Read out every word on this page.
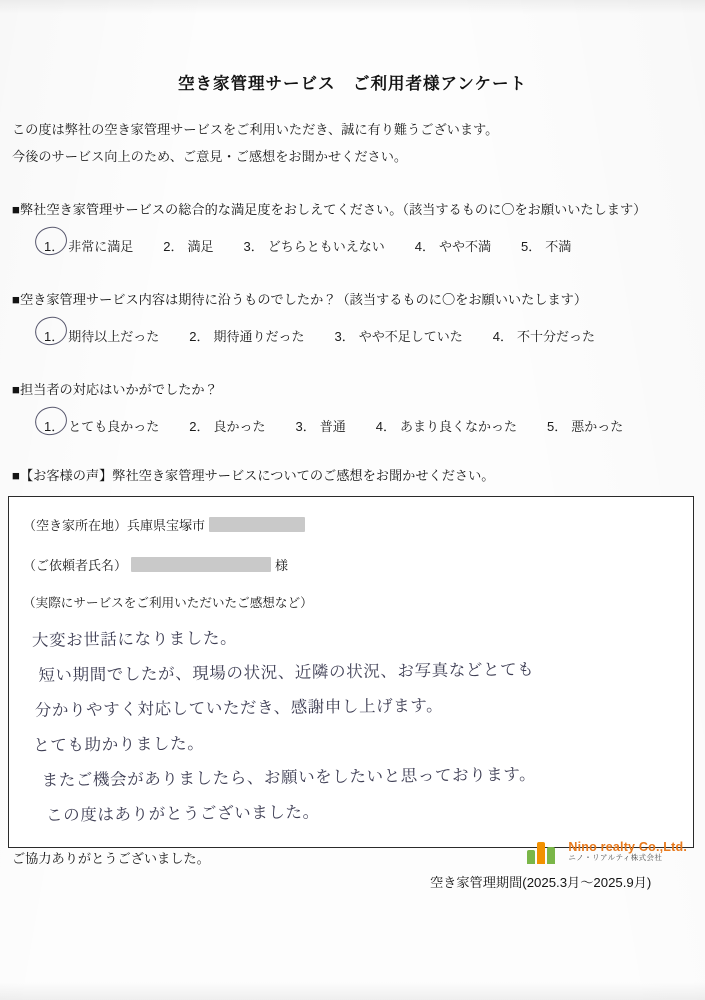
空き家管理サービス　ご利用者様アンケート
この度は弊社の空き家管理サービスをご利用いただき、誠に有り難うございます。
今後のサービス向上のため、ご意見・ご感想をお聞かせください。
■弊社空き家管理サービスの総合的な満足度をおしえてください。（該当するものに〇をお願いいたします）
1． 非常に満足 2． 満足 3． どちらともいえない 4． やや不満 5． 不満
■空き家管理サービス内容は期待に沿うものでしたか？（該当するものに〇をお願いいたします）
1． 期待以上だった 2． 期待通りだった 3． やや不足していた 4． 不十分だった
■担当者の対応はいかがでしたか？
1． とても良かった 2． 良かった 3． 普通 4． あまり良くなかった 5． 悪かった
■【お客様の声】弊社空き家管理サービスについてのご感想をお聞かせください。
（空き家所在地）兵庫県宝塚市
（ご依頼者氏名）	様
（実際にサービスをご利用いただいたご感想など）
大変お世話になりました。
短い期間でしたが、現場の状況、近隣の状況、お写真などとても
分かりやすく対応していただき、感謝申し上げます。
とても助かりました。
またご機会がありましたら、お願いをしたいと思っております。
この度はありがとうございました。
ご協力ありがとうございました。
空き家管理期間(2025.3月〜2025.9月)
Nino realty Co.,Ltd.
ニノ・リアルティ株式会社
